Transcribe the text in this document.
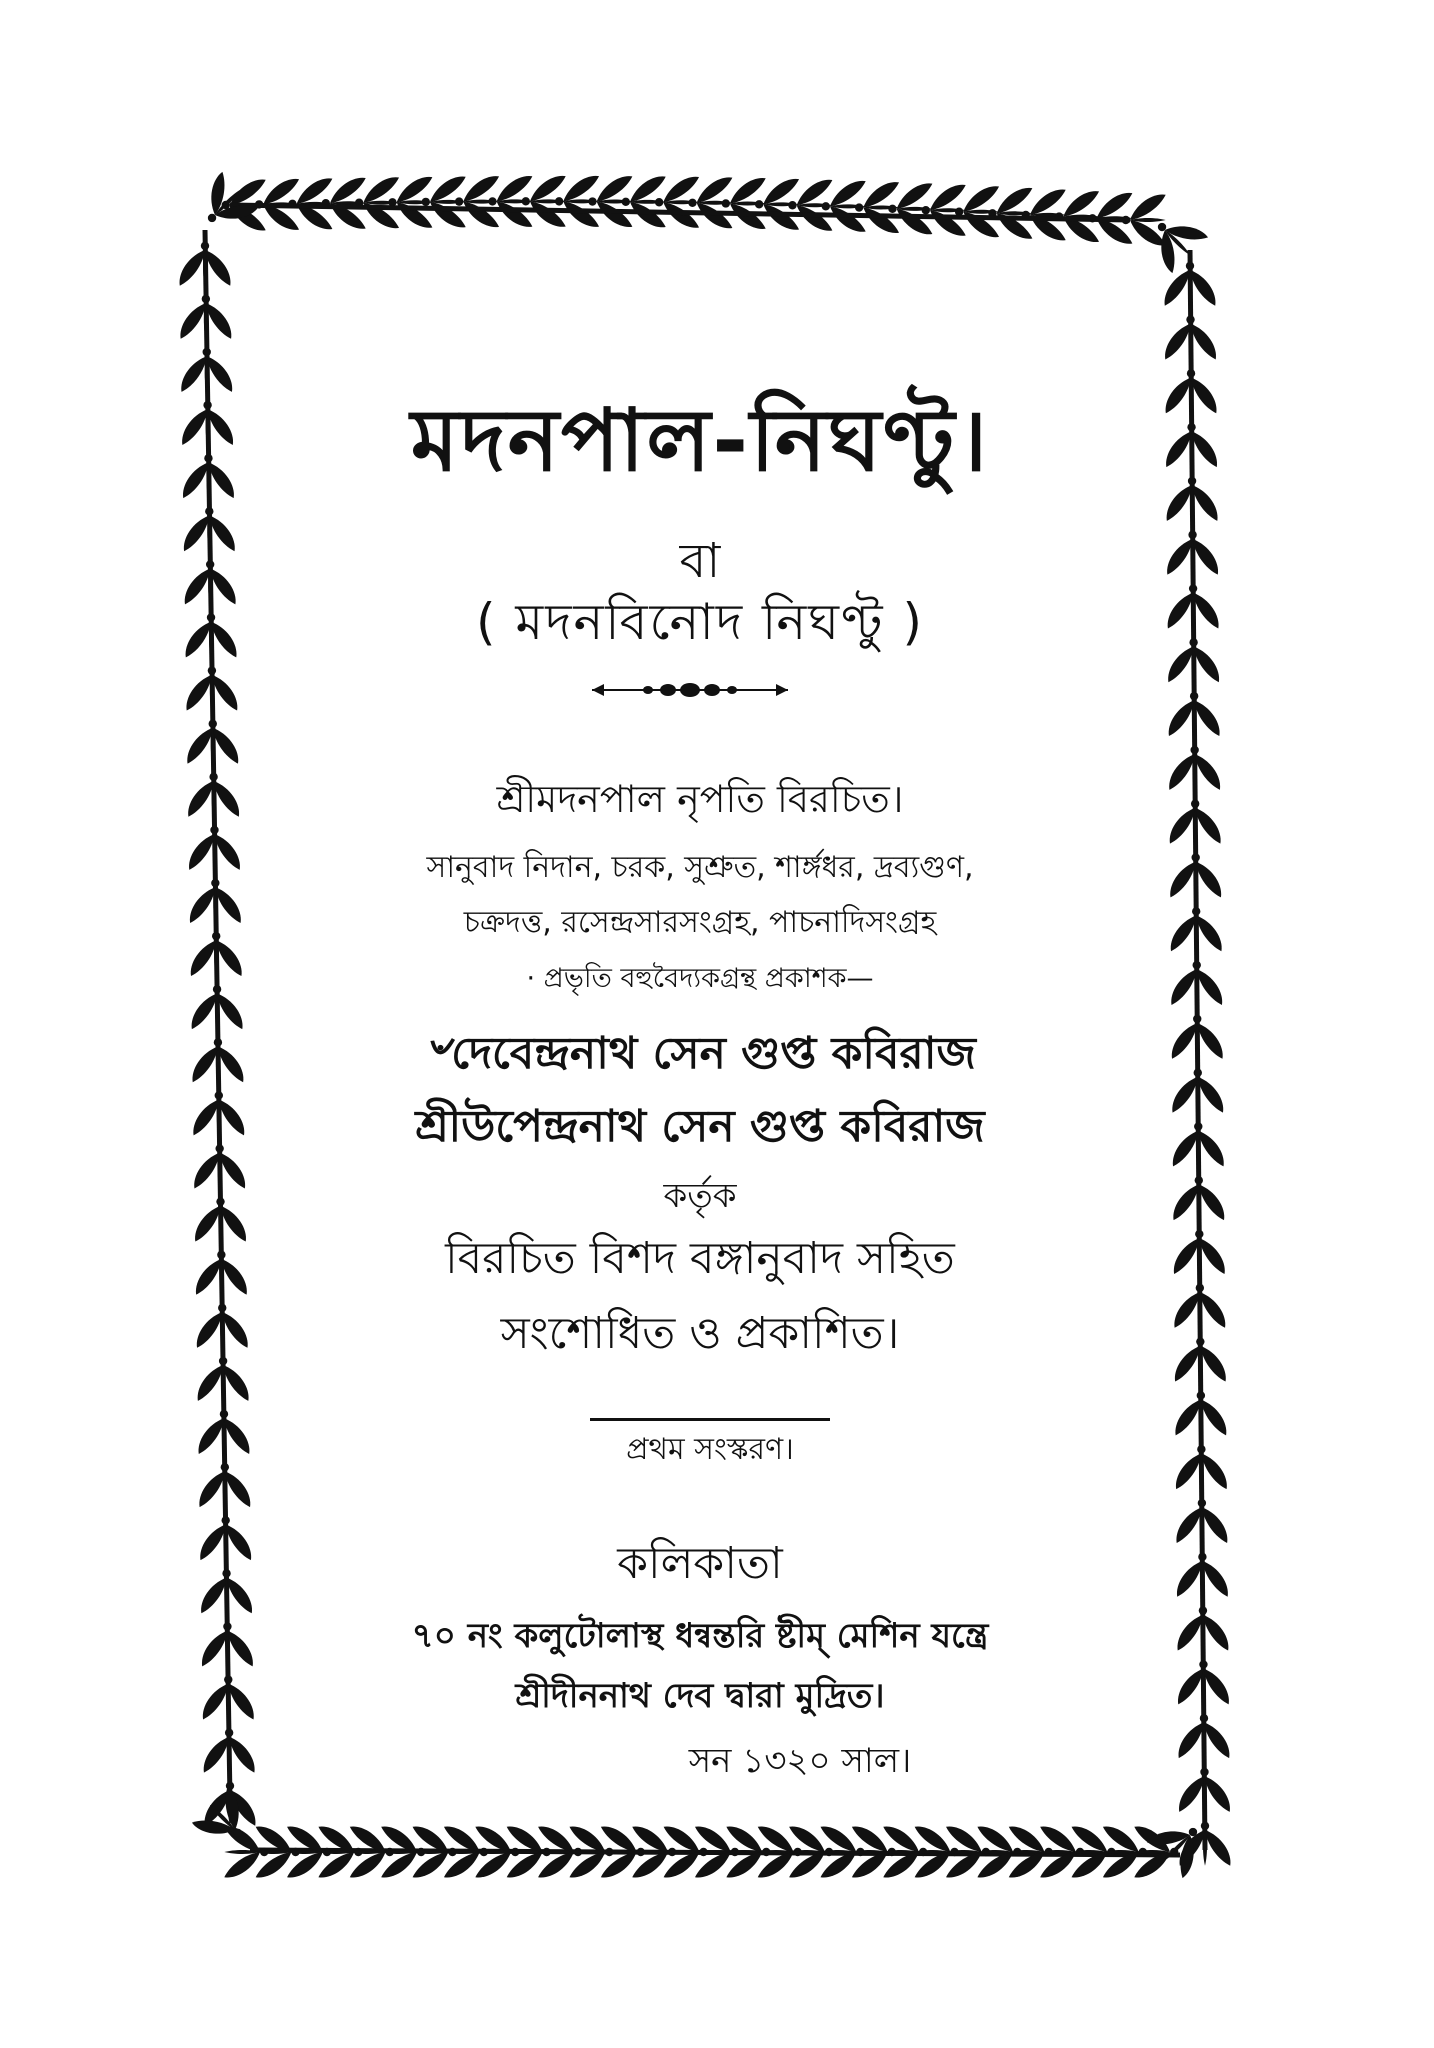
মদনপাল-নিঘণ্টু।
বা
( মদনবিনোদ নিঘণ্টু )
শ্রীমদনপাল নৃপতি বিরচিত।
সানুবাদ নিদান, চরক, সুশ্রুত, শার্ঙ্গধর, দ্রব্যগুণ,
চক্রদত্ত, রসেন্দ্রসারসংগ্রহ, পাচনাদিসংগ্রহ
· প্রভৃতি বহুবৈদ্যকগ্রন্থ প্রকাশক—
৺দেবেন্দ্রনাথ সেন গুপ্ত কবিরাজ
শ্রীউপেন্দ্রনাথ সেন গুপ্ত কবিরাজ
কর্তৃক
বিরচিত বিশদ বঙ্গানুবাদ সহিত
সংশোধিত ও প্রকাশিত।
প্রথম সংস্করণ।
কলিকাতা
৭০ নং কলুটোলাস্থ ধন্বন্তরি ষ্টীম্ মেশিন যন্ত্রে
শ্রীদীননাথ দেব দ্বারা মুদ্রিত।
সন ১৩২০ সাল।
